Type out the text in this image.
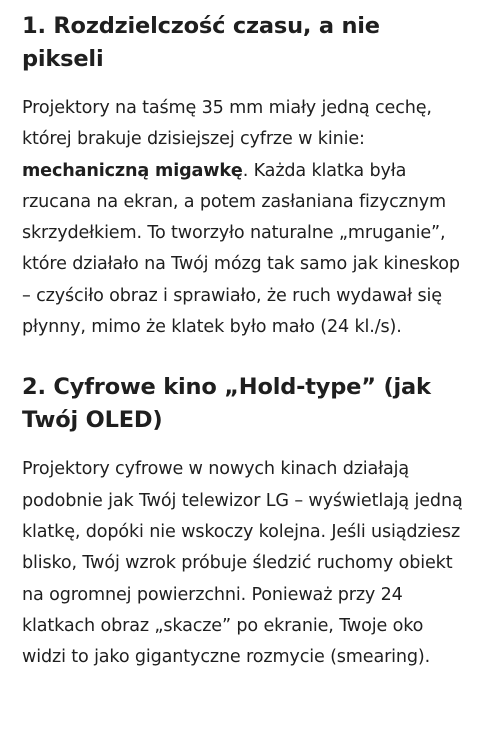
1. Rozdzielczość czasu, a nie pikseli

Projektory na taśmę 35 mm miały jedną cechę, której brakuje dzisiejszej cyfrze w kinie: mechaniczną migawkę. Każda klatka była rzucana na ekran, a potem zasłaniana fizycznym skrzydełkiem. To tworzyło naturalne „mruganie”, które działało na Twój mózg tak samo jak kineskop – czyściło obraz i sprawiało, że ruch wydawał się płynny, mimo że klatek było mało (24 kl./s).

2. Cyfrowe kino „Hold-type” (jak Twój OLED)

Projektory cyfrowe w nowych kinach działają podobnie jak Twój telewizor LG – wyświetlają jedną klatkę, dopóki nie wskoczy kolejna. Jeśli usiądziesz blisko, Twój wzrok próbuje śledzić ruchomy obiekt na ogromnej powierzchni. Ponieważ przy 24 klatkach obraz „skacze” po ekranie, Twoje oko widzi to jako gigantyczne rozmycie (smearing).
